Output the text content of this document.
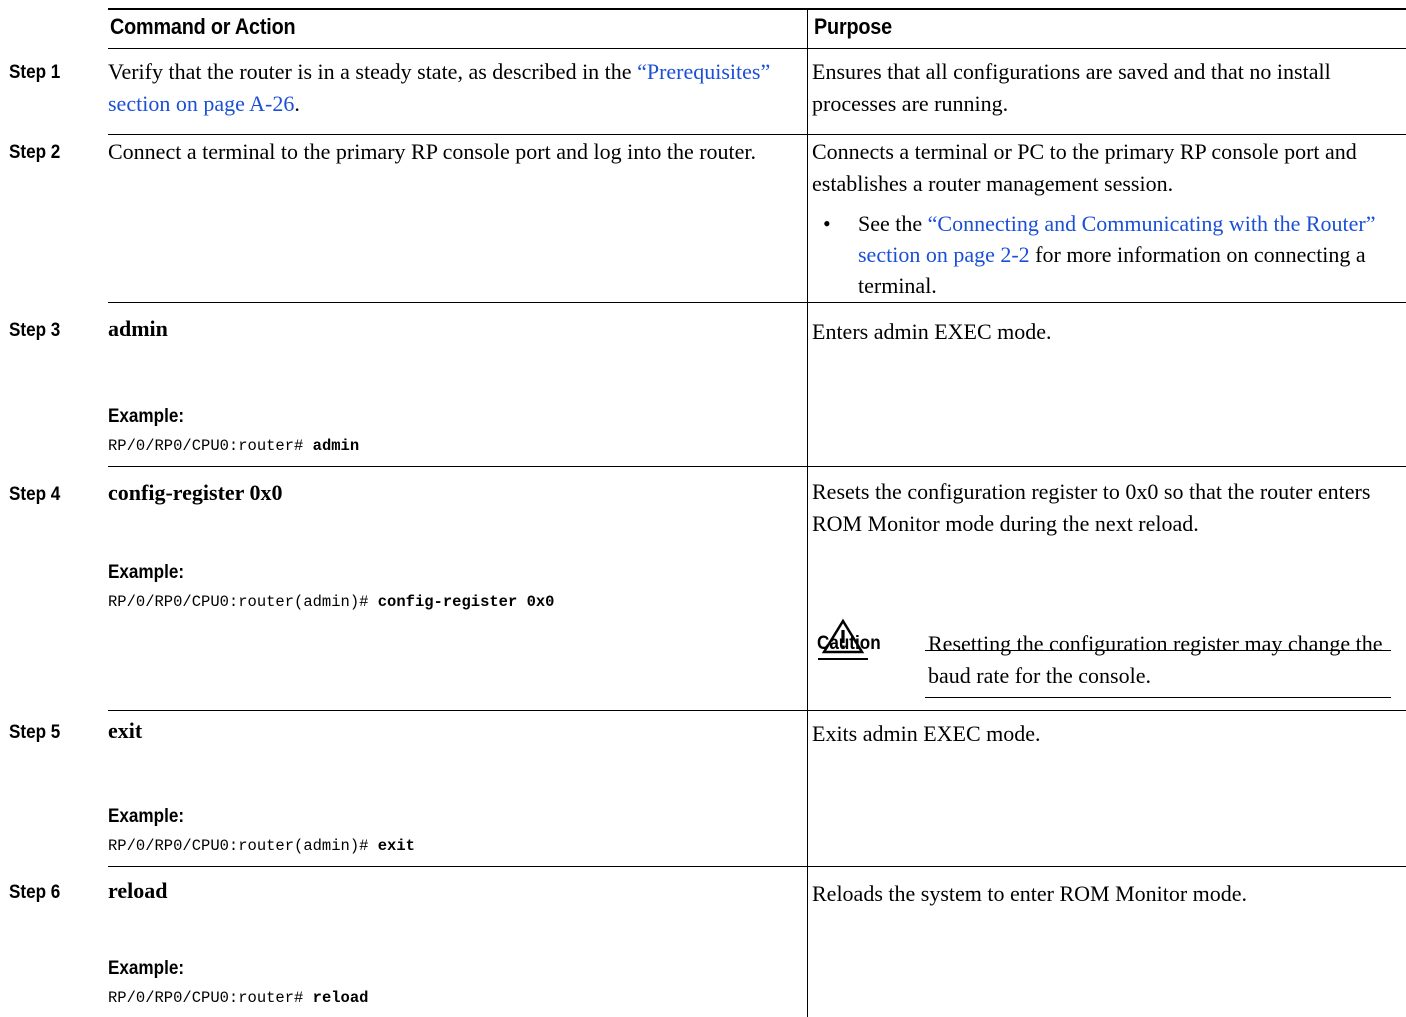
Command or Action	Purpose
Step 1 Verify that the router is in a steady state, as described in the “Prerequisites” section on page A-26.
Ensures that all configurations are saved and that no install processes are running.
Step 2 Connect a terminal to the primary RP console port and log into the router.	Connects a terminal or PC to the primary RP console port and establishes a router management session.
• See the “Connecting and Communicating with the Router” section on page 2-2 for more information on connecting a terminal.
Step 3 admin
Example:
RP/0/RP0/CPU0:router# admin
Enters admin EXEC mode.
Step 4 config-register 0x0
Example:
RP/0/RP0/CPU0:router(admin)# config-register 0x0
Resets the configuration register to 0x0 so that the router enters ROM Monitor mode during the next reload.
Caution Resetting the configuration register may change the baud rate for the console.
Step 5 exit
Example:
RP/0/RP0/CPU0:router(admin)# exit
Exits admin EXEC mode.
Step 6 reload
Example:
RP/0/RP0/CPU0:router# reload
Reloads the system to enter ROM Monitor mode.
